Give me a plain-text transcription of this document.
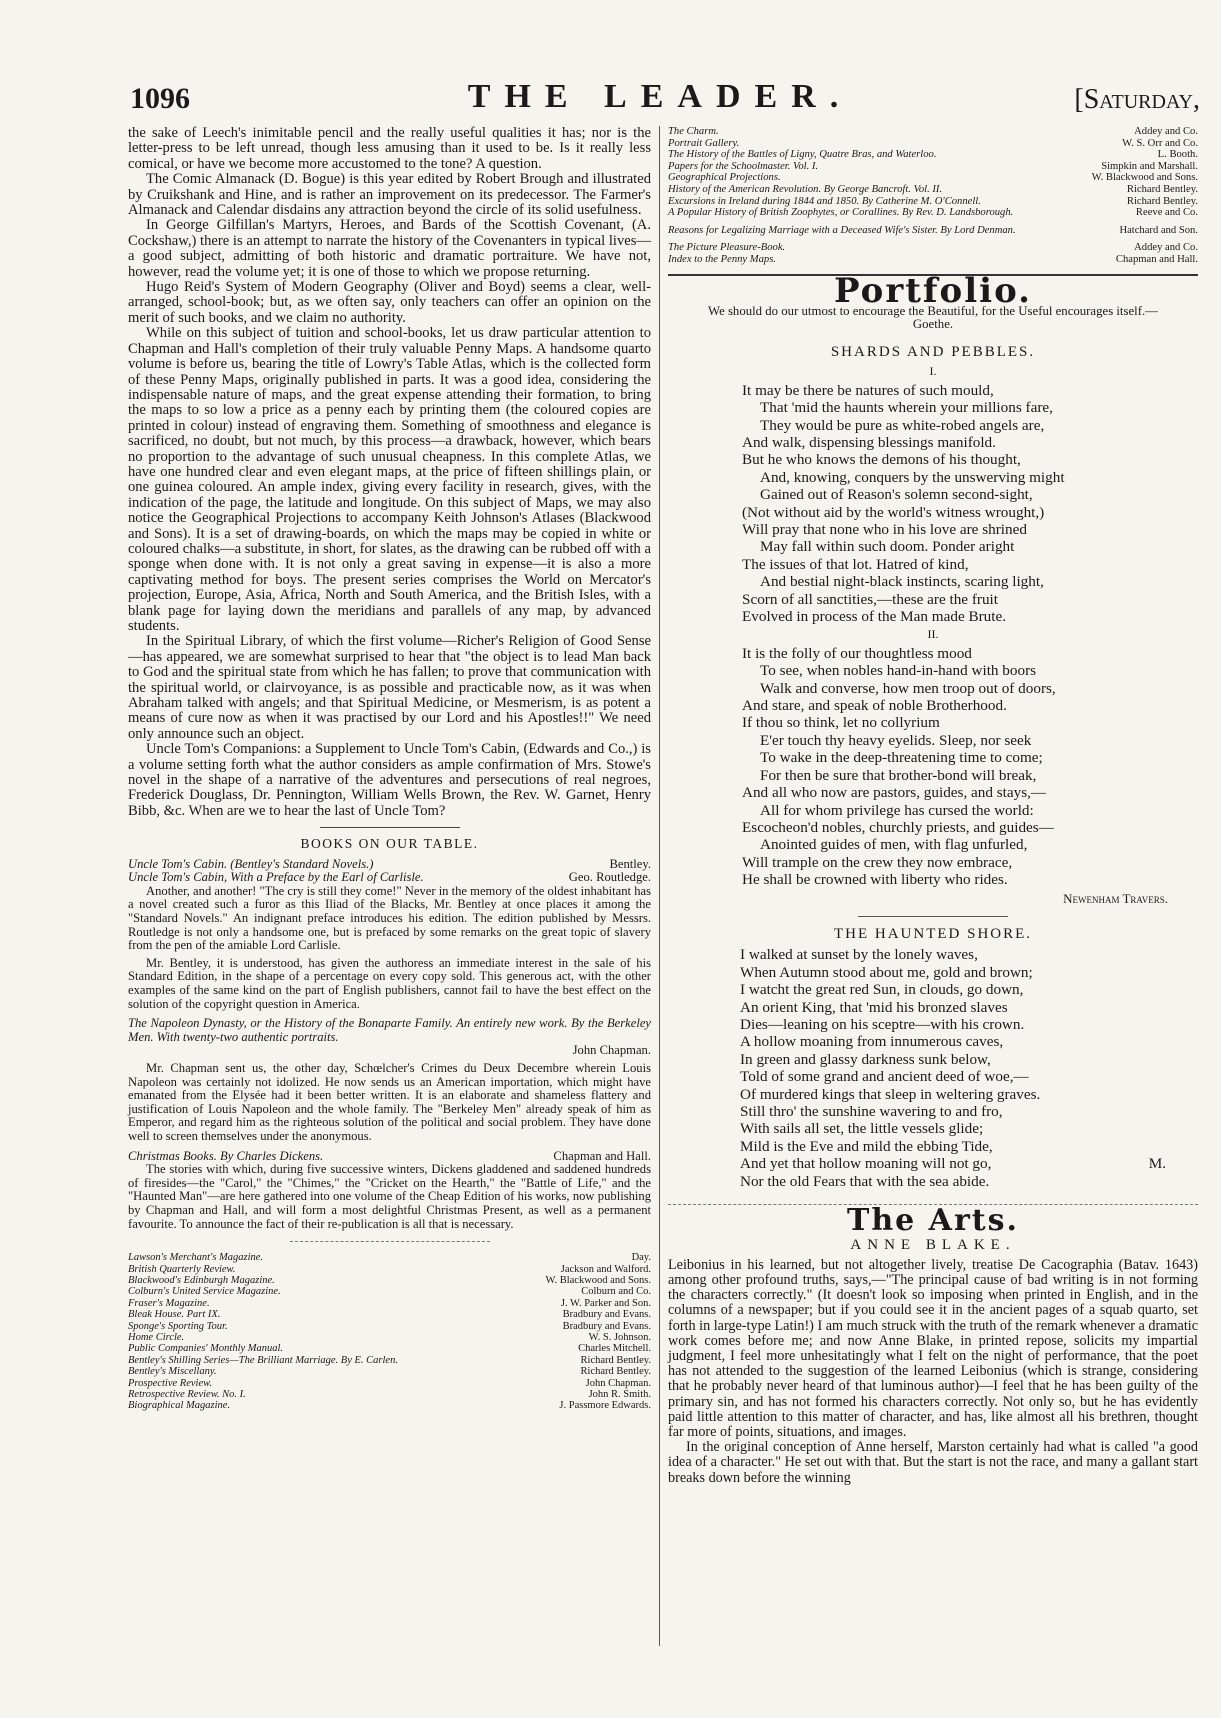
1096	THE LEADER.	[Saturday,

the sake of Leech's inimitable pencil and the really useful qualities it has; nor is the letter-press to be left unread, though less amusing than it used to be. Is it really less comical, or have we become more accustomed to the tone? A question.

The Comic Almanack (D. Bogue) is this year edited by Robert Brough and illustrated by Cruikshank and Hine, and is rather an improvement on its predecessor. The Farmer's Almanack and Calendar disdains any attraction beyond the circle of its solid usefulness.

In George Gilfillan's Martyrs, Heroes, and Bards of the Scottish Covenant, (A. Cockshaw,) there is an attempt to narrate the history of the Covenanters in typical lives—a good subject, admitting of both historic and dramatic portraiture. We have not, however, read the volume yet; it is one of those to which we propose returning.

Hugo Reid's System of Modern Geography (Oliver and Boyd) seems a clear, well-arranged, school-book; but, as we often say, only teachers can offer an opinion on the merit of such books, and we claim no authority.

While on this subject of tuition and school-books, let us draw particular attention to Chapman and Hall's completion of their truly valuable Penny Maps. A handsome quarto volume is before us, bearing the title of Lowry's Table Atlas, which is the collected form of these Penny Maps, originally published in parts. It was a good idea, considering the indispensable nature of maps, and the great expense attending their formation, to bring the maps to so low a price as a penny each by printing them (the coloured copies are printed in colour) instead of engraving them. Something of smoothness and elegance is sacrificed, no doubt, but not much, by this process—a drawback, however, which bears no proportion to the advantage of such unusual cheapness. In this complete Atlas, we have one hundred clear and even elegant maps, at the price of fifteen shillings plain, or one guinea coloured. An ample index, giving every facility in research, gives, with the indication of the page, the latitude and longitude. On this subject of Maps, we may also notice the Geographical Projections to accompany Keith Johnson's Atlases (Blackwood and Sons). It is a set of drawing-boards, on which the maps may be copied in white or coloured chalks—a substitute, in short, for slates, as the drawing can be rubbed off with a sponge when done with. It is not only a great saving in expense—it is also a more captivating method for boys. The present series comprises the World on Mercator's projection, Europe, Asia, Africa, North and South America, and the British Isles, with a blank page for laying down the meridians and parallels of any map, by advanced students.

In the Spiritual Library, of which the first volume—Richer's Religion of Good Sense—has appeared, we are somewhat surprised to hear that "the object is to lead Man back to God and the spiritual state from which he has fallen; to prove that communication with the spiritual world, or clairvoyance, is as possible and practicable now, as it was when Abraham talked with angels; and that Spiritual Medicine, or Mesmerism, is as potent a means of cure now as when it was practised by our Lord and his Apostles!!" We need only announce such an object.

Uncle Tom's Companions: a Supplement to Uncle Tom's Cabin, (Edwards and Co.,) is a volume setting forth what the author considers as ample confirmation of Mrs. Stowe's novel in the shape of a narrative of the adventures and persecutions of real negroes, Frederick Douglass, Dr. Pennington, William Wells Brown, the Rev. W. Garnet, Henry Bibb, &c. When are we to hear the last of Uncle Tom?

BOOKS ON OUR TABLE.
Uncle Tom's Cabin. (Bentley's Standard Novels.)	Bentley.
Uncle Tom's Cabin, With a Preface by the Earl of Carlisle.	Geo. Routledge.

Another, and another! "The cry is still they come!" Never in the memory of the oldest inhabitant has a novel created such a furor as this Iliad of the Blacks, Mr. Bentley at once places it among the "Standard Novels." An indignant preface introduces his edition. The edition published by Messrs. Routledge is not only a handsome one, but is prefaced by some remarks on the great topic of slavery from the pen of the amiable Lord Carlisle.

Mr. Bentley, it is understood, has given the authoress an immediate interest in the sale of his Standard Edition, in the shape of a percentage on every copy sold. This generous act, with the other examples of the same kind on the part of English publishers, cannot fail to have the best effect on the solution of the copyright question in America.

The Napoleon Dynasty, or the History of the Bonaparte Family. An entirely new work. By the Berkeley Men. With twenty-two authentic portraits.

John Chapman.

Mr. Chapman sent us, the other day, Schœlcher's Crimes du Deux Decembre wherein Louis Napoleon was certainly not idolized. He now sends us an American importation, which might have emanated from the Elysée had it been better written. It is an elaborate and shameless flattery and justification of Louis Napoleon and the whole family. The "Berkeley Men" already speak of him as Emperor, and regard him as the righteous solution of the political and social problem. They have done well to screen themselves under the anonymous.

Christmas Books. By Charles Dickens.	Chapman and Hall.

The stories with which, during five successive winters, Dickens gladdened and saddened hundreds of firesides—the "Carol," the "Chimes," the "Cricket on the Hearth," the "Battle of Life," and the "Haunted Man"—are here gathered into one volume of the Cheap Edition of his works, now publishing by Chapman and Hall, and will form a most delightful Christmas Present, as well as a permanent favourite. To announce the fact of their re-publication is all that is necessary.

Lawson's Merchant's Magazine.	Day.
British Quarterly Review.	Jackson and Walford.
Blackwood's Edinburgh Magazine.	W. Blackwood and Sons.
Colburn's United Service Magazine.	Colburn and Co.
Fraser's Magazine.	J. W. Parker and Son.
Bleak House. Part IX.	Bradbury and Evans.
Sponge's Sporting Tour.	Bradbury and Evans.
Home Circle.	W. S. Johnson.
Public Companies' Monthly Manual.	Charles Mitchell.
Bentley's Shilling Series—The Brilliant Marriage. By E. Carlen.	Richard Bentley.
Bentley's Miscellany.	Richard Bentley.
Prospective Review.	John Chapman.
Retrospective Review. No. I.	John R. Smith.
Biographical Magazine.	J. Passmore Edwards.
The Charm.	Addey and Co.
Portrait Gallery.	W. S. Orr and Co.
The History of the Battles of Ligny, Quatre Bras, and Waterloo.	L. Booth.
Papers for the Schoolmaster. Vol. I.	Simpkin and Marshall.
Geographical Projections.	W. Blackwood and Sons.
History of the American Revolution. By George Bancroft. Vol. II.	Richard Bentley.
Excursions in Ireland during 1844 and 1850. By Catherine M. O'Connell.	Richard Bentley.
A Popular History of British Zoophytes, or Corallines. By Rev. D. Landsborough.	Reeve and Co.
Reasons for Legalizing Marriage with a Deceased Wife's Sister. By Lord Denman.	Hatchard and Son.
The Picture Pleasure-Book.	Addey and Co.
Index to the Penny Maps.	Chapman and Hall.
Portfolio.
We should do our utmost to encourage the Beautiful, for the Useful encourages itself.—Goethe.
SHARDS AND PEBBLES.
I.
It may be there be natures of such mould,
That 'mid the haunts wherein your millions fare,
They would be pure as white-robed angels are,
And walk, dispensing blessings manifold.
But he who knows the demons of his thought,
And, knowing, conquers by the unswerving might
Gained out of Reason's solemn second-sight,
(Not without aid by the world's witness wrought,)
Will pray that none who in his love are shrined
May fall within such doom. Ponder aright
The issues of that lot. Hatred of kind,
And bestial night-black instincts, scaring light,
Scorn of all sanctities,—these are the fruit
Evolved in process of the Man made Brute.
II.
It is the folly of our thoughtless mood
To see, when nobles hand-in-hand with boors
Walk and converse, how men troop out of doors,
And stare, and speak of noble Brotherhood.
If thou so think, let no collyrium
E'er touch thy heavy eyelids. Sleep, nor seek
To wake in the deep-threatening time to come;
For then be sure that brother-bond will break,
And all who now are pastors, guides, and stays,—
All for whom privilege has cursed the world:
Escocheon'd nobles, churchly priests, and guides—
Anointed guides of men, with flag unfurled,
Will trample on the crew they now embrace,
He shall be crowned with liberty who rides.
Newenham Travers.
THE HAUNTED SHORE.
I walked at sunset by the lonely waves,
When Autumn stood about me, gold and brown;
I watcht the great red Sun, in clouds, go down,
An orient King, that 'mid his bronzed slaves
Dies—leaning on his sceptre—with his crown.
A hollow moaning from innumerous caves,
In green and glassy darkness sunk below,
Told of some grand and ancient deed of woe,—
Of murdered kings that sleep in weltering graves.
Still thro' the sunshine wavering to and fro,
With sails all set, the little vessels glide;
Mild is the Eve and mild the ebbing Tide,
And yet that hollow moaning will not go,	M.
Nor the old Fears that with the sea abide.
The Arts.
ANNE BLAKE.

Leibonius in his learned, but not altogether lively, treatise De Cacographia (Batav. 1643) among other profound truths, says,—"The principal cause of bad writing is in not forming the characters correctly." (It doesn't look so imposing when printed in English, and in the columns of a newspaper; but if you could see it in the ancient pages of a squab quarto, set forth in large-type Latin!) I am much struck with the truth of the remark whenever a dramatic work comes before me; and now Anne Blake, in printed repose, solicits my impartial judgment, I feel more unhesitatingly what I felt on the night of performance, that the poet has not attended to the suggestion of the learned Leibonius (which is strange, considering that he probably never heard of that luminous author)—I feel that he has been guilty of the primary sin, and has not formed his characters correctly. Not only so, but he has evidently paid little attention to this matter of character, and has, like almost all his brethren, thought far more of points, situations, and images.

In the original conception of Anne herself, Marston certainly had what is called "a good idea of a character." He set out with that. But the start is not the race, and many a gallant start breaks down before the winning
